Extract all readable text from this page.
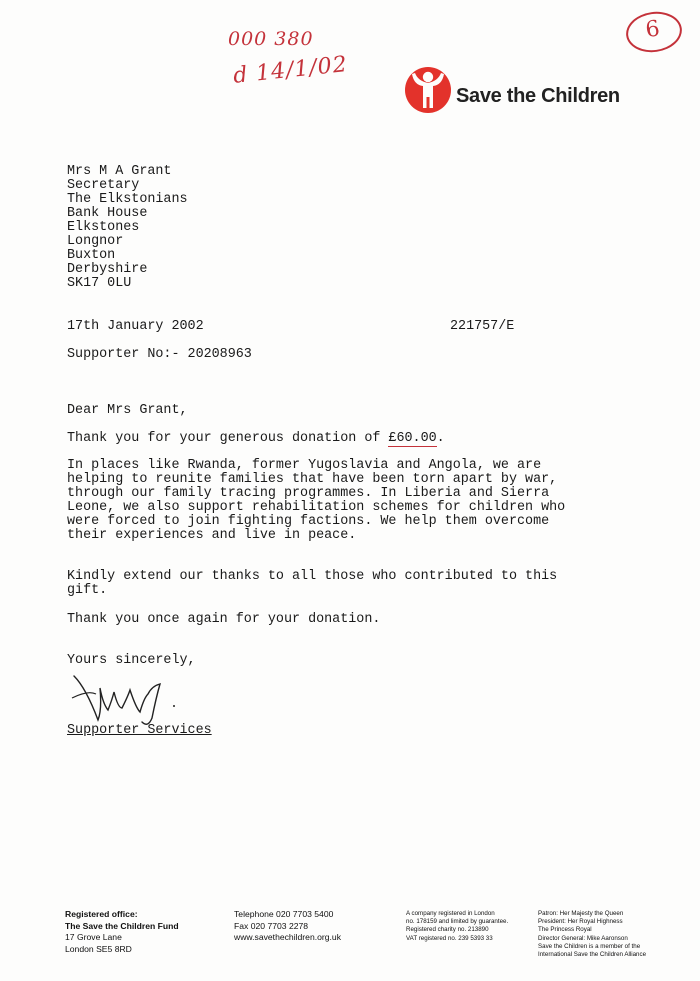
000 380
d 14/1/02
6
Save the Children
Mrs M A Grant
Secretary
The Elkstonians
Bank House
Elkstones
Longnor
Buxton
Derbyshire
SK17 0LU
17th January 2002	221757/E
Supporter No:- 20208963
Dear Mrs Grant,
Thank you for your generous donation of £60.00.
In places like Rwanda, former Yugoslavia and Angola, we are
helping to reunite families that have been torn apart by war,
through our family tracing programmes. In Liberia and Sierra
Leone, we also support rehabilitation schemes for children who
were forced to join fighting factions. We help them overcome
their experiences and live in peace.
Kindly extend our thanks to all those who contributed to this
gift.
Thank you once again for your donation.
Yours sincerely,
Supporter Services
Registered office:
The Save the Children Fund
17 Grove Lane
London SE5 8RD
Telephone 020 7703 5400
Fax 020 7703 2278
www.savethechildren.org.uk
A company registered in London
no. 178159 and limited by guarantee.
Registered charity no. 213890
VAT registered no. 239 5393 33
Patron: Her Majesty the Queen
President: Her Royal Highness
The Princess Royal
Director General: Mike Aaronson
Save the Children is a member of the
International Save the Children Alliance
